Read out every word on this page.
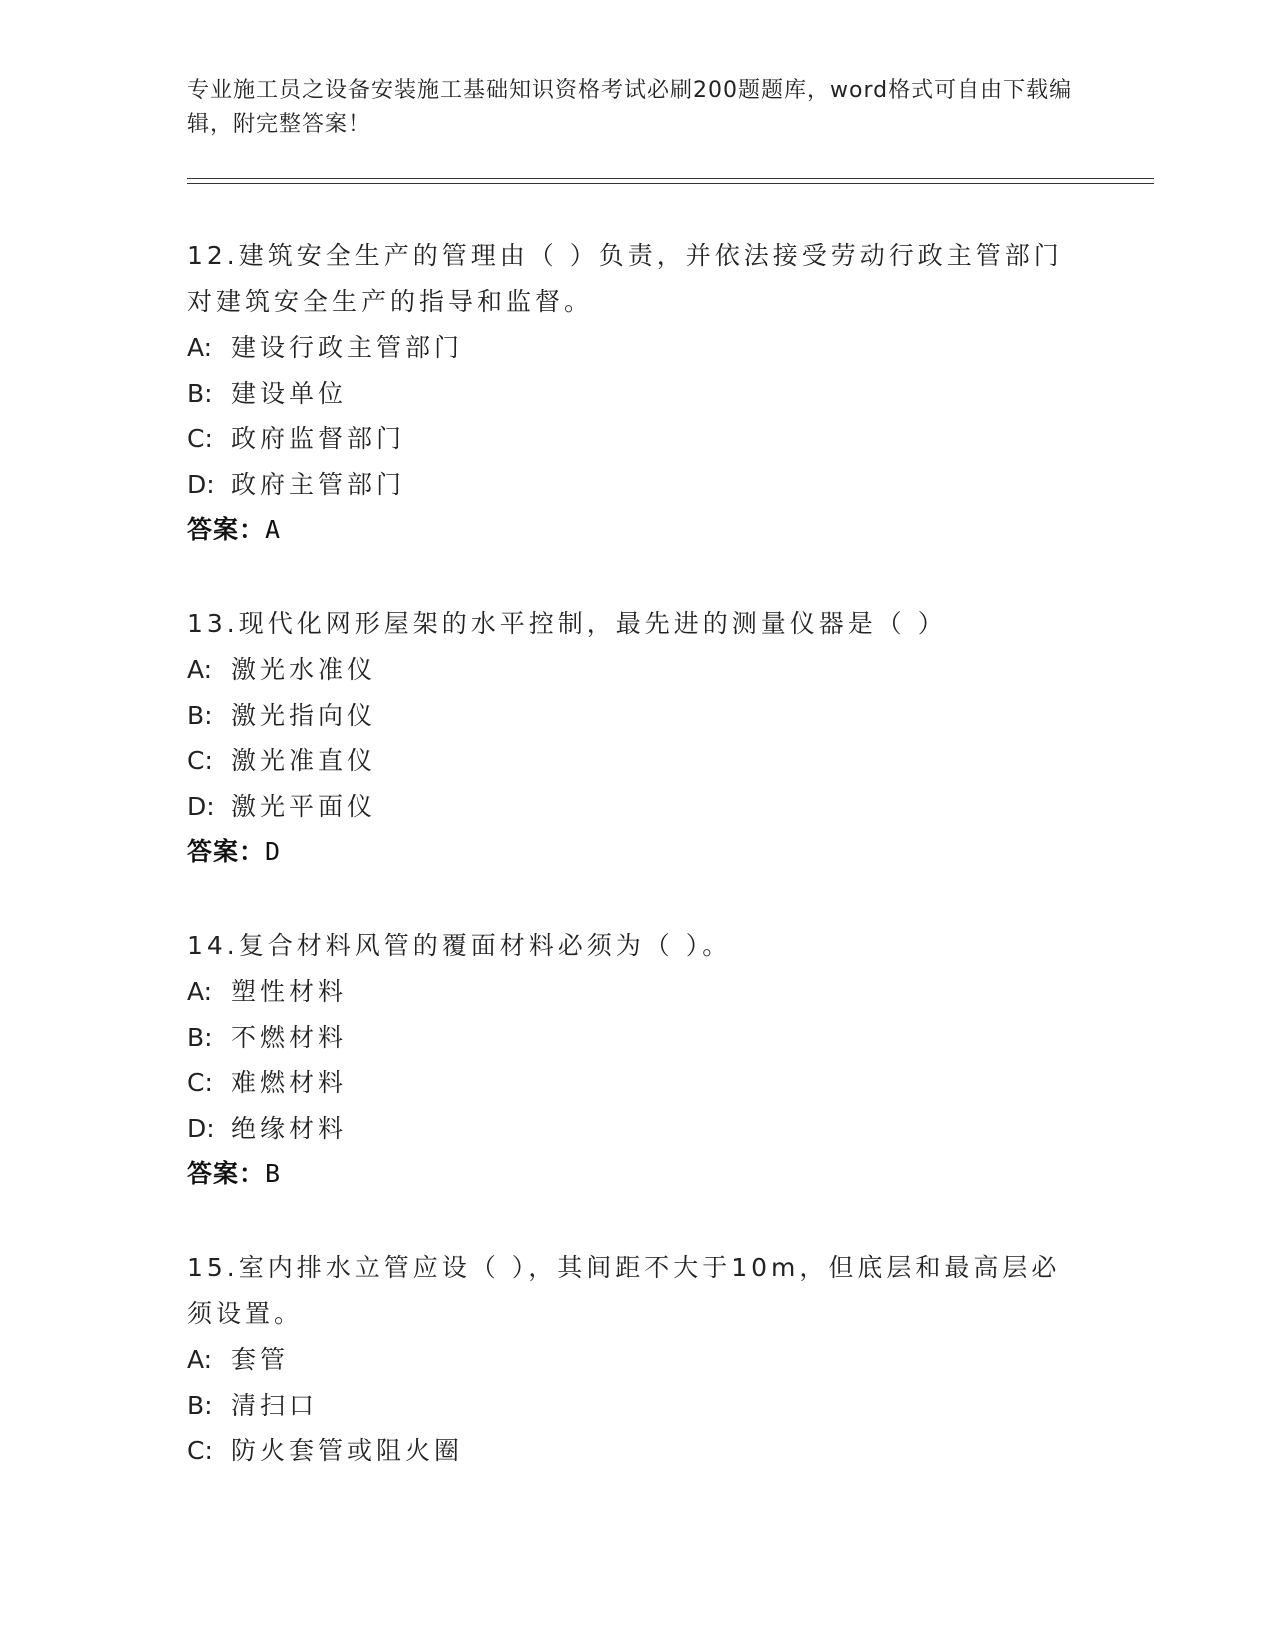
专业施工员之设备安装施工基础知识资格考试必刷200题题库，word格式可自由下载编辑，附完整答案！

12.建筑安全生产的管理由（ ）负责，并依法接受劳动行政主管部门对建筑安全生产的指导和监督。

A: 建设行政主管部门

B: 建设单位

C: 政府监督部门

D: 政府主管部门

答案：A

13.现代化网形屋架的水平控制，最先进的测量仪器是（ ）

A: 激光水准仪

B: 激光指向仪

C: 激光准直仪

D: 激光平面仪

答案：D

14.复合材料风管的覆面材料必须为（ ）。

A: 塑性材料

B: 不燃材料

C: 难燃材料

D: 绝缘材料

答案：B

15.室内排水立管应设（ ），其间距不大于10m，但底层和最高层必须设置。

A: 套管

B: 清扫口

C: 防火套管或阻火圈
